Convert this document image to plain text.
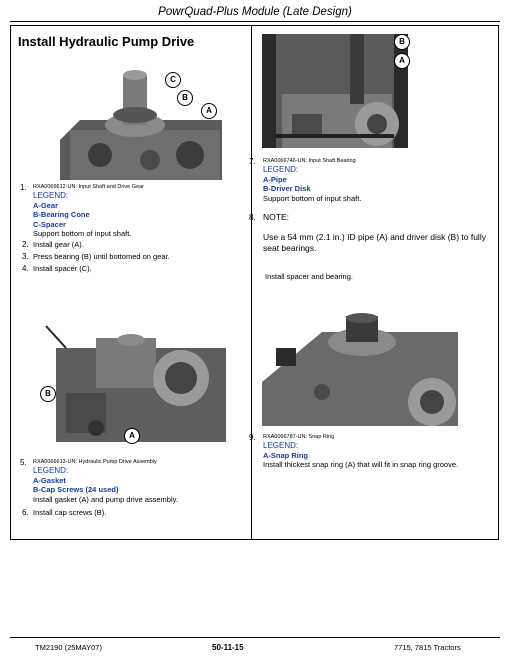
PowrQuad-Plus Module (Late Design)
Install Hydraulic Pump Drive
C
B
A
1. RXA0066612-UN: Input Shaft and Drive Gear
LEGEND:
A-Gear
B-Bearing Cone
C-Spacer
Support bottom of input shaft.
2. Install gear (A).
3. Press bearing (B) until bottomed on gear.
4. Install spacer (C).
B
A
5. RXA0066613-UN: Hydraulic Pump Drive Assembly
LEGEND:
A-Gasket
B-Cap Screws (24 used)
Install gasket (A) and pump drive assembly.
6. Install cap screws (B).
B
A
7. RXA0066746-UN: Input Shaft Bearing
LEGEND:
A-Pipe
B-Driver Disk
Support bottom of input shaft.
8. NOTE:
Use a 54 mm (2.1 in.) ID pipe (A) and driver disk (B) to fully seat bearings.
Install spacer and bearing.
9. RXA0066787-UN: Snap Ring
LEGEND:
A-Snap Ring
Install thickest snap ring (A) that will fit in snap ring groove.
TM2190 (25MAY07)	50-11-15	7715, 7815 Tractors
